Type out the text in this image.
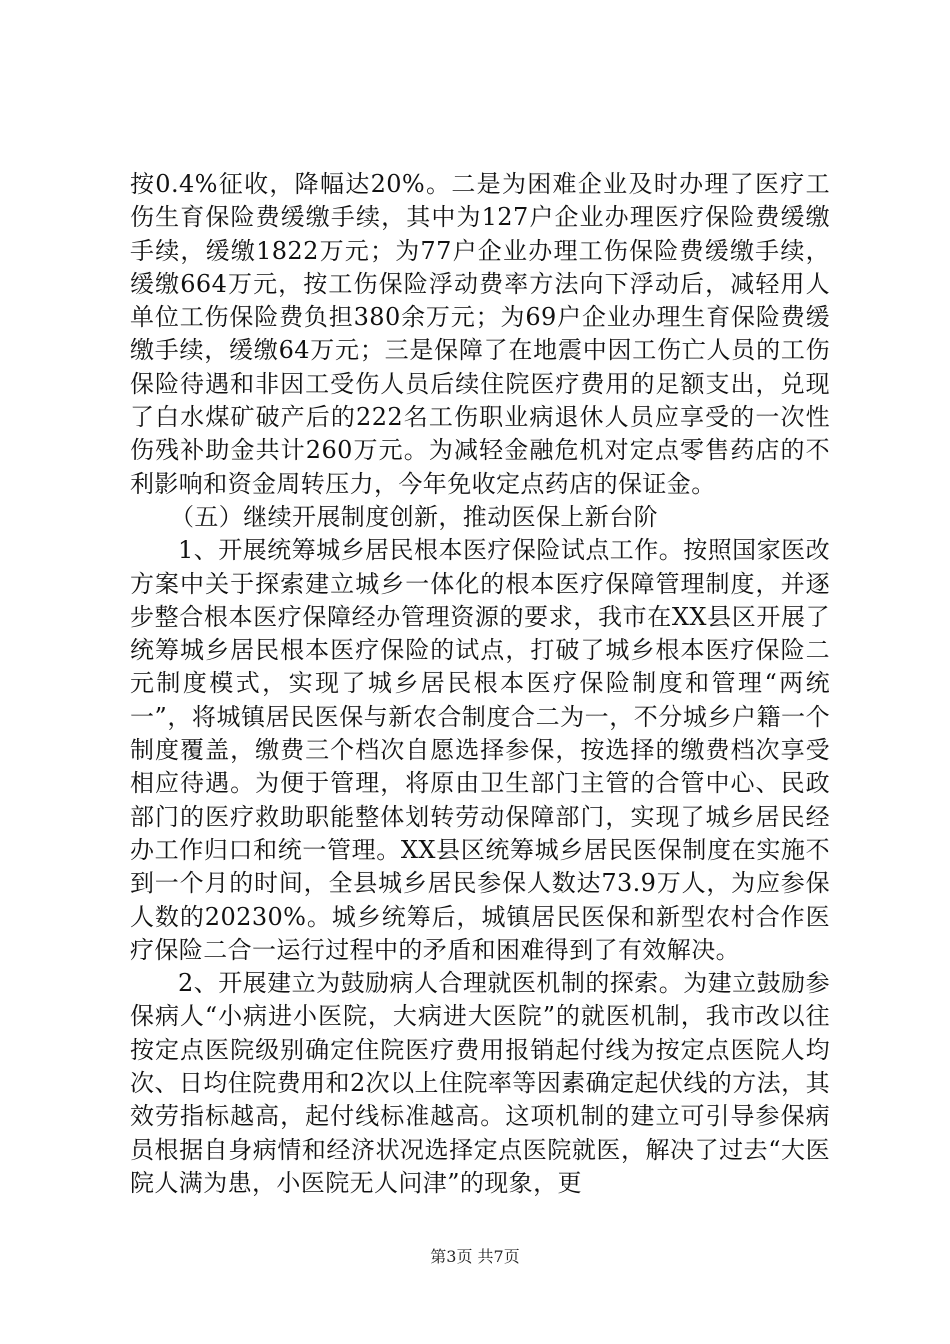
按0.4%征收，降幅达20%。二是为困难企业及时办理了医疗工伤生育保险费缓缴手续，其中为127户企业办理医疗保险费缓缴手续，缓缴1822万元；为77户企业办理工伤保险费缓缴手续，缓缴664万元，按工伤保险浮动费率方法向下浮动后，减轻用人单位工伤保险费负担380余万元；为69户企业办理生育保险费缓缴手续，缓缴64万元；三是保障了在地震中因工伤亡人员的工伤保险待遇和非因工受伤人员后续住院医疗费用的足额支出，兑现了白水煤矿破产后的222名工伤职业病退休人员应享受的一次性伤残补助金共计260万元。为减轻金融危机对定点零售药店的不利影响和资金周转压力，今年免收定点药店的保证金。

（五）继续开展制度创新，推动医保上新台阶

1、开展统筹城乡居民根本医疗保险试点工作。按照国家医改方案中关于探索建立城乡一体化的根本医疗保障管理制度，并逐步整合根本医疗保障经办管理资源的要求，我市在XX县区开展了统筹城乡居民根本医疗保险的试点，打破了城乡根本医疗保险二元制度模式，实现了城乡居民根本医疗保险制度和管理“两统一”，将城镇居民医保与新农合制度合二为一，不分城乡户籍一个制度覆盖，缴费三个档次自愿选择参保，按选择的缴费档次享受相应待遇。为便于管理，将原由卫生部门主管的合管中心、民政部门的医疗救助职能整体划转劳动保障部门，实现了城乡居民经办工作归口和统一管理。XX县区统筹城乡居民医保制度在实施不到一个月的时间，全县城乡居民参保人数达73.9万人，为应参保人数的20230%。城乡统筹后，城镇居民医保和新型农村合作医疗保险二合一运行过程中的矛盾和困难得到了有效解决。

2、开展建立为鼓励病人合理就医机制的探索。为建立鼓励参保病人“小病进小医院，大病进大医院”的就医机制，我市改以往按定点医院级别确定住院医疗费用报销起付线为按定点医院人均次、日均住院费用和2次以上住院率等因素确定起伏线的方法，其效劳指标越高，起付线标准越高。这项机制的建立可引导参保病员根据自身病情和经济状况选择定点医院就医，解决了过去“大医院人满为患，小医院无人问津”的现象，更

第3页 共7页
